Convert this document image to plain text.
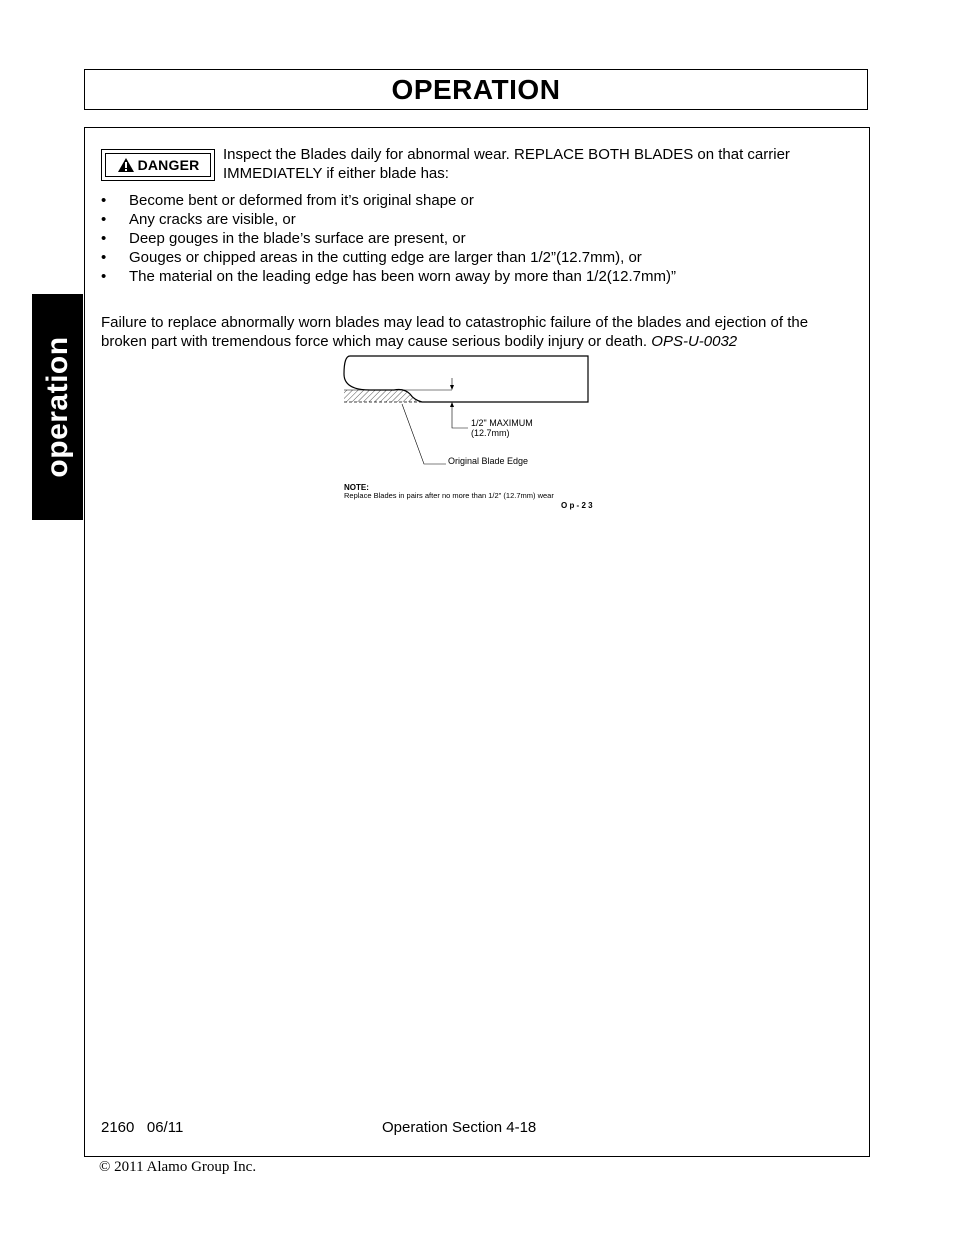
OPERATION
operation
DANGER
Inspect the Blades daily for abnormal wear. REPLACE BOTH BLADES on that carrier IMMEDIATELY if either blade has:
• Become bent or deformed from it’s original shape or
• Any cracks are visible, or
• Deep gouges in the blade’s surface are present, or
• Gouges or chipped areas in the cutting edge are larger than 1/2”(12.7mm), or
• The material on the leading edge has been worn away by more than 1/2(12.7mm)”
Failure to replace abnormally worn blades may lead to catastrophic failure of the blades and ejection of the broken part with tremendous force which may cause serious bodily injury or death. OPS-U-0032
1/2" MAXIMUM
(12.7mm)
Original Blade Edge
NOTE:
Replace Blades in pairs after no more than 1/2" (12.7mm) wear
O p - 2 3
2160   06/11	Operation Section 4-18
© 2011 Alamo Group Inc.
